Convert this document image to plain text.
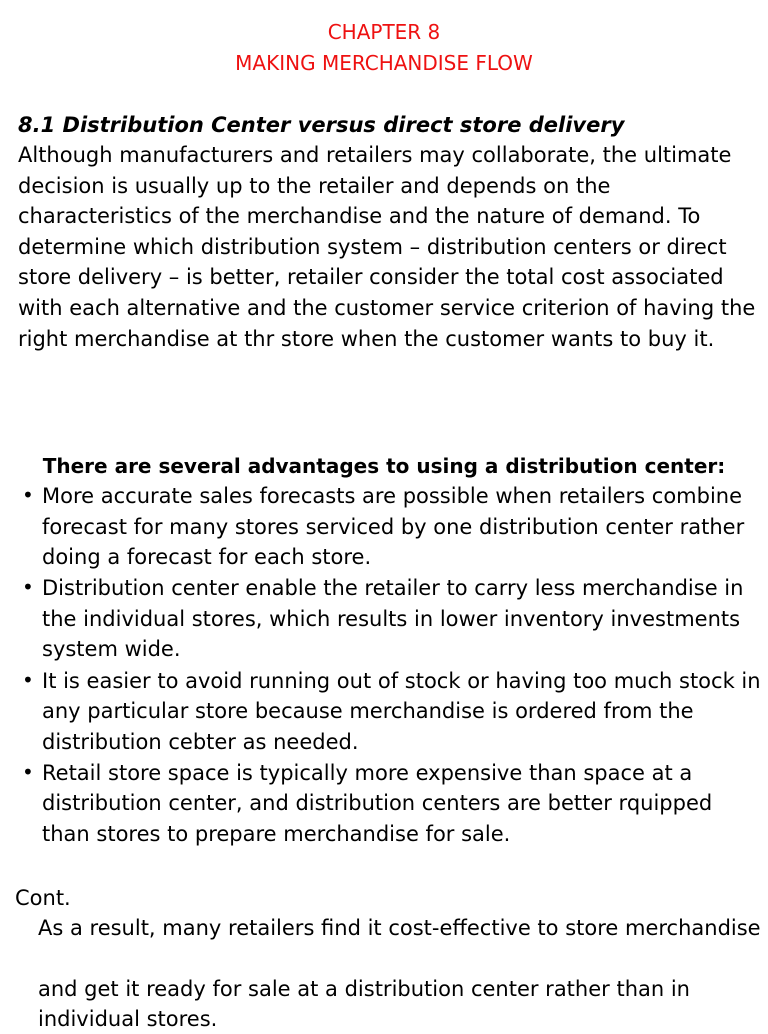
CHAPTER 8
MAKING MERCHANDISE FLOW
8.1 Distribution Center versus direct store delivery
Although manufacturers and retailers may collaborate, the ultimate
decision is usually up to the retailer and depends on the
characteristics of the merchandise and the nature of demand. To
determine which distribution system – distribution centers or direct
store delivery – is better, retailer consider the total cost associated
with each alternative and the customer service criterion of having the
right merchandise at thr store when the customer wants to buy it.
There are several advantages to using a distribution center:
• More accurate sales forecasts are possible when retailers combine
forecast for many stores serviced by one distribution center rather
doing a forecast for each store.
• Distribution center enable the retailer to carry less merchandise in
the individual stores, which results in lower inventory investments
system wide.
• It is easier to avoid running out of stock or having too much stock in
any particular store because merchandise is ordered from the
distribution cebter as needed.
• Retail store space is typically more expensive than space at a
distribution center, and distribution centers are better rquipped
than stores to prepare merchandise for sale.
Cont.
As a result, many retailers find it cost-effective to store merchandise
and get it ready for sale at a distribution center rather than in
individual stores.
